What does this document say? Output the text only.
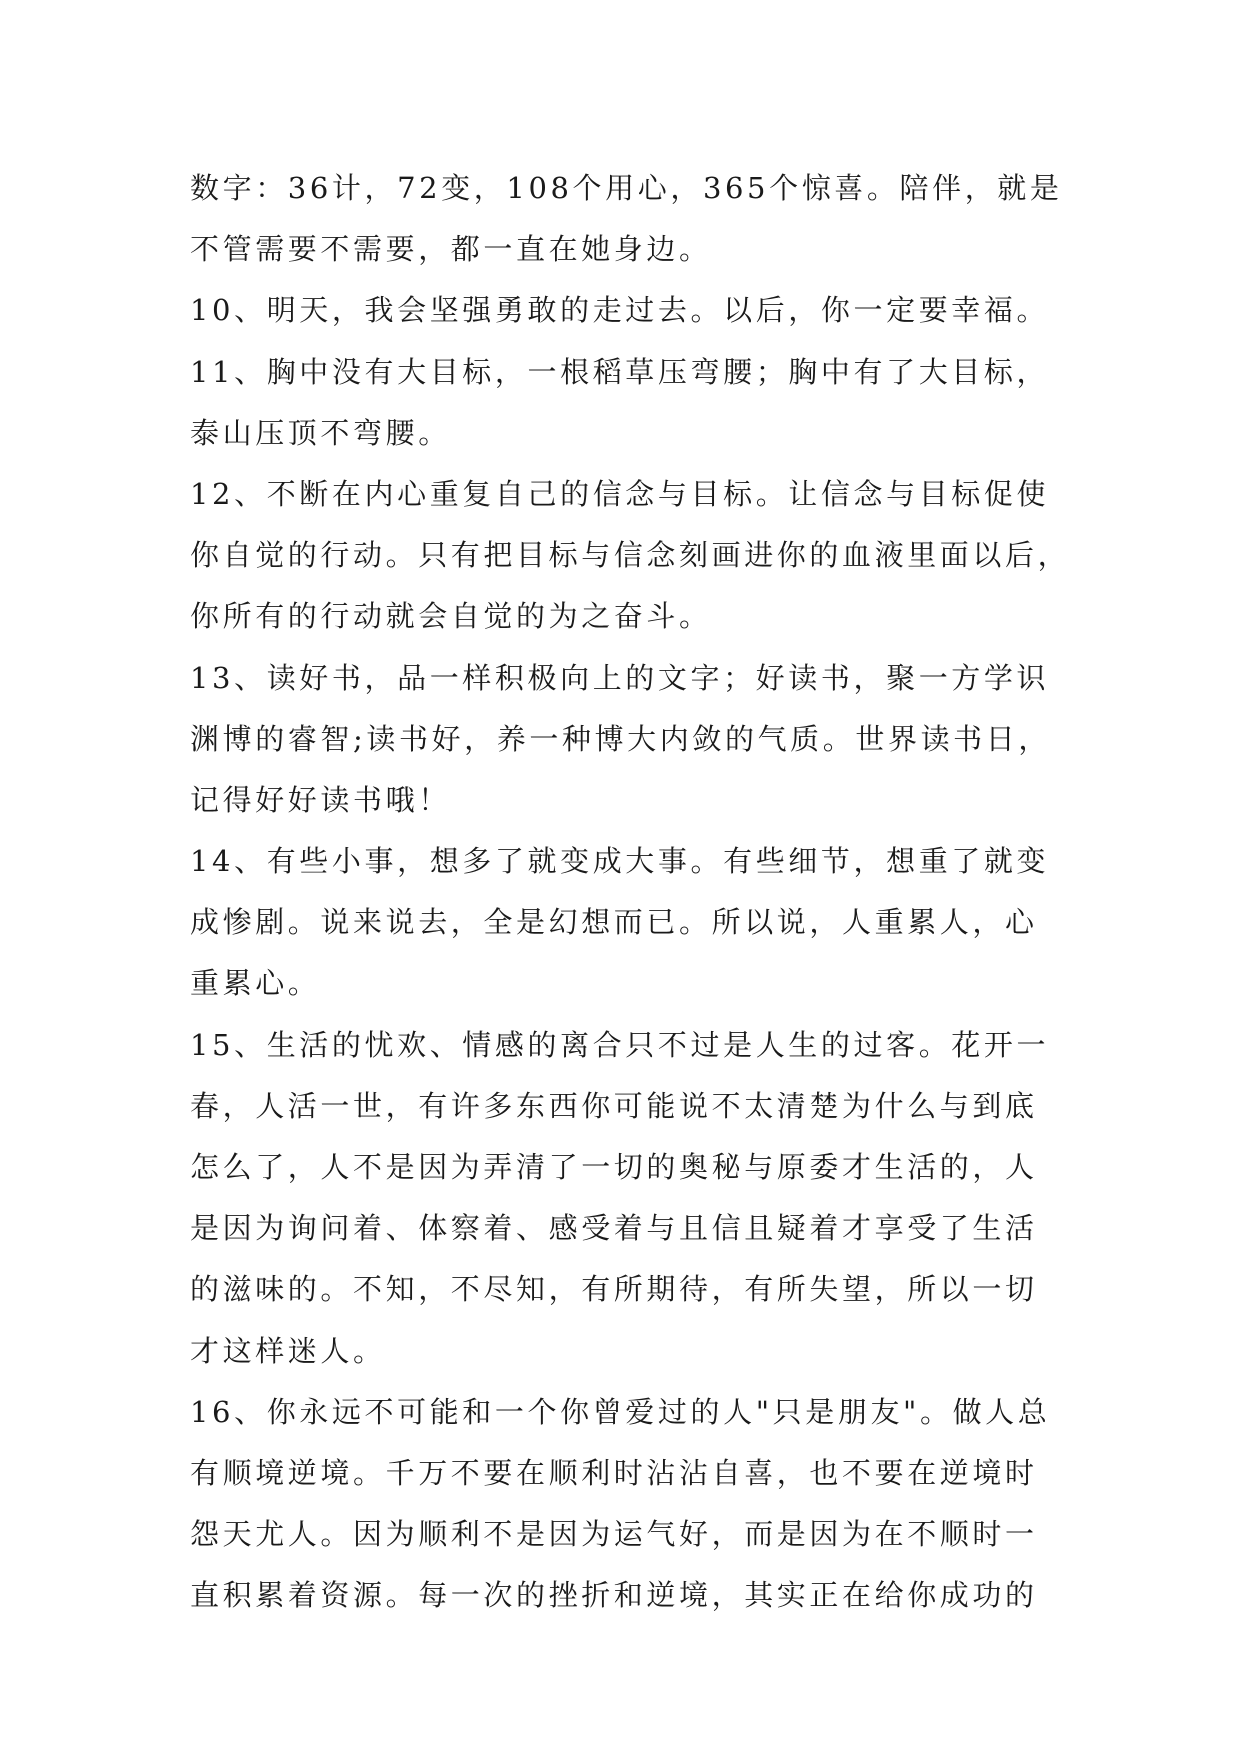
数字：36计，72变，108个用心，365个惊喜。陪伴，就是
不管需要不需要，都一直在她身边。
10、明天，我会坚强勇敢的走过去。以后，你一定要幸福。
11、胸中没有大目标，一根稻草压弯腰；胸中有了大目标，
泰山压顶不弯腰。
12、不断在内心重复自己的信念与目标。让信念与目标促使
你自觉的行动。只有把目标与信念刻画进你的血液里面以后，
你所有的行动就会自觉的为之奋斗。
13、读好书，品一样积极向上的文字；好读书，聚一方学识
渊博的睿智;读书好，养一种博大内敛的气质。世界读书日，
记得好好读书哦！
14、有些小事，想多了就变成大事。有些细节，想重了就变
成惨剧。说来说去，全是幻想而已。所以说，人重累人，心
重累心。
15、生活的忧欢、情感的离合只不过是人生的过客。花开一
春，人活一世，有许多东西你可能说不太清楚为什么与到底
怎么了，人不是因为弄清了一切的奥秘与原委才生活的，人
是因为询问着、体察着、感受着与且信且疑着才享受了生活
的滋味的。不知，不尽知，有所期待，有所失望，所以一切
才这样迷人。
16、你永远不可能和一个你曾爱过的人"只是朋友"。做人总
有顺境逆境。千万不要在顺利时沾沾自喜，也不要在逆境时
怨天尤人。因为顺利不是因为运气好，而是因为在不顺时一
直积累着资源。每一次的挫折和逆境，其实正在给你成功的
